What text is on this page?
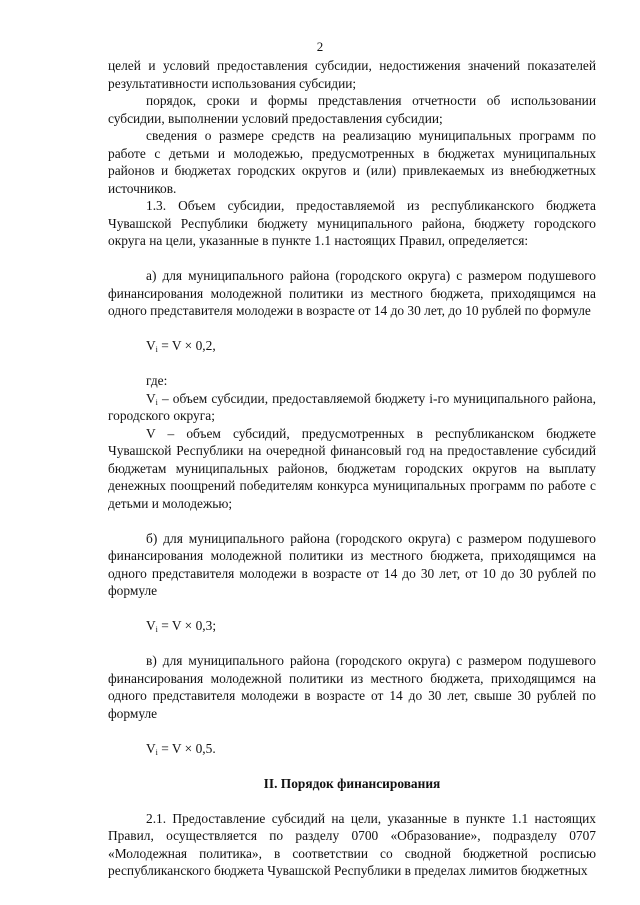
2

целей и условий предоставления субсидии, недостижения значений показателей результативности использования субсидии;

порядок, сроки и формы представления отчетности об использовании субсидии, выполнении условий предоставления субсидии;

сведения о размере средств на реализацию муниципальных программ по работе с детьми и молодежью, предусмотренных в бюджетах муниципальных районов и бюджетах городских округов и (или) привлекаемых из внебюджетных источников.

1.3. Объем субсидии, предоставляемой из республиканского бюджета Чувашской Республики бюджету муниципального района, бюджету городского округа на цели, указанные в пункте 1.1 настоящих Правил, определяется:

а) для муниципального района (городского округа) с размером подушевого финансирования молодежной политики из местного бюджета, приходящимся на одного представителя молодежи в возрасте от 14 до 30 лет, до 10 рублей по формуле

$V_i = V \times 0,2$,

где:

$V_i$ – объем субсидии, предоставляемой бюджету i-го муниципального района, городского округа;

V – объем субсидий, предусмотренных в республиканском бюджете Чувашской Республики на очередной финансовый год на предоставление субсидий бюджетам муниципальных районов, бюджетам городских округов на выплату денежных поощрений победителям конкурса муниципальных программ по работе с детьми и молодежью;

б) для муниципального района (городского округа) с размером подушевого финансирования молодежной политики из местного бюджета, приходящимся на одного представителя молодежи в возрасте от 14 до 30 лет, от 10 до 30 рублей по формуле

$V_i = V \times 0,3$;

в) для муниципального района (городского округа) с размером подушевого финансирования молодежной политики из местного бюджета, приходящимся на одного представителя молодежи в возрасте от 14 до 30 лет, свыше 30 рублей по формуле

$V_i = V \times 0,5$.

II. Порядок финансирования

2.1. Предоставление субсидий на цели, указанные в пункте 1.1 настоящих Правил, осуществляется по разделу 0700 «Образование», подразделу 0707 «Молодежная политика», в соответствии со сводной бюджетной росписью республиканского бюджета Чувашской Республики в пределах лимитов бюджетных
